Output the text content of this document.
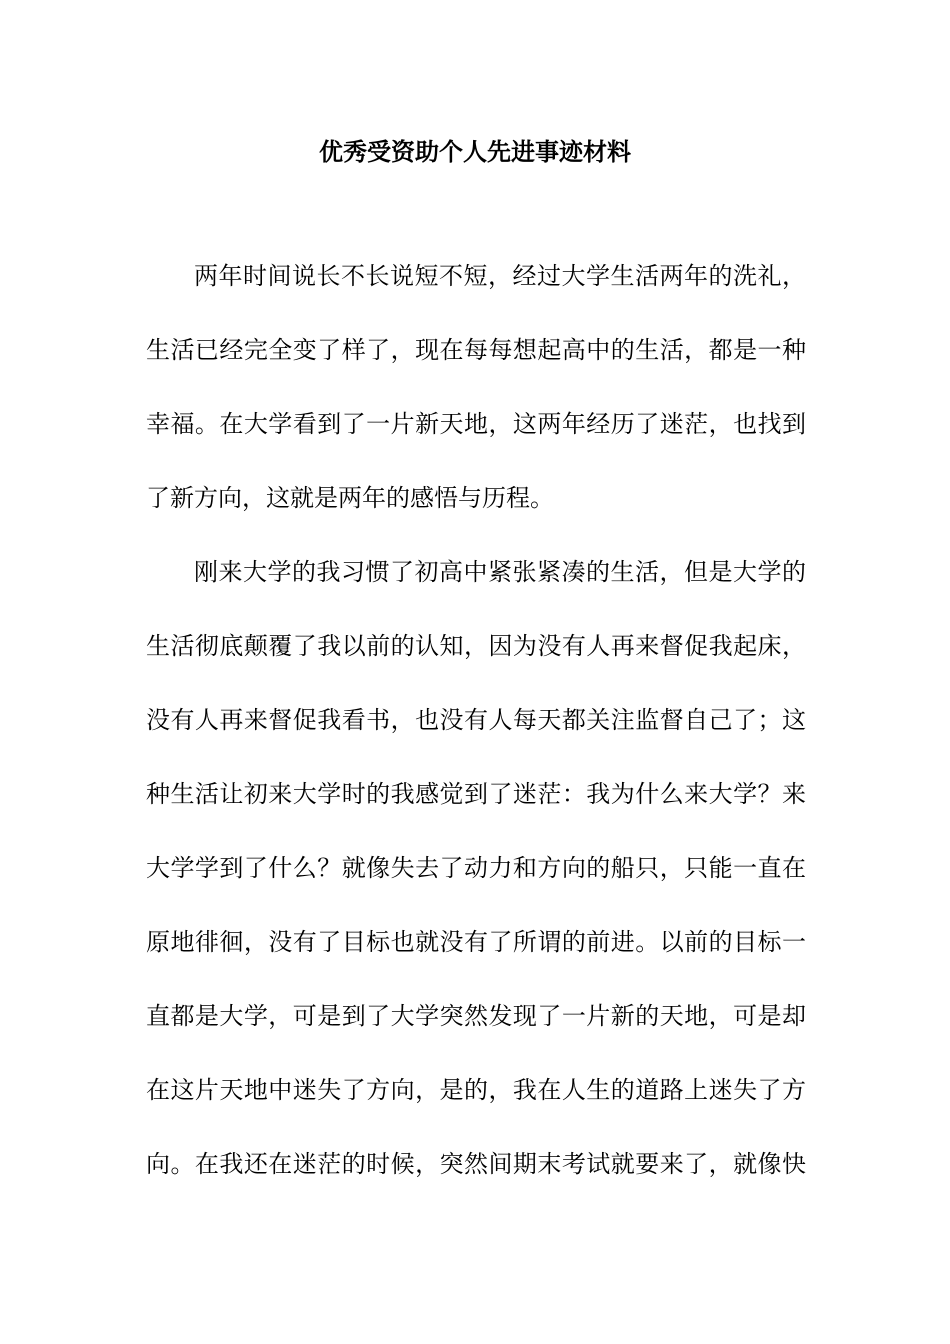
优秀受资助个人先进事迹材料
两年时间说长不长说短不短，经过大学生活两年的洗礼，
生活已经完全变了样了，现在每每想起高中的生活，都是一种
幸福。在大学看到了一片新天地，这两年经历了迷茫，也找到
了新方向，这就是两年的感悟与历程。
刚来大学的我习惯了初高中紧张紧凑的生活，但是大学的
生活彻底颠覆了我以前的认知，因为没有人再来督促我起床，
没有人再来督促我看书，也没有人每天都关注监督自己了；这
种生活让初来大学时的我感觉到了迷茫：我为什么来大学？来
大学学到了什么？就像失去了动力和方向的船只，只能一直在
原地徘徊，没有了目标也就没有了所谓的前进。以前的目标一
直都是大学，可是到了大学突然发现了一片新的天地，可是却
在这片天地中迷失了方向，是的，我在人生的道路上迷失了方
向。在我还在迷茫的时候，突然间期末考试就要来了，就像快
